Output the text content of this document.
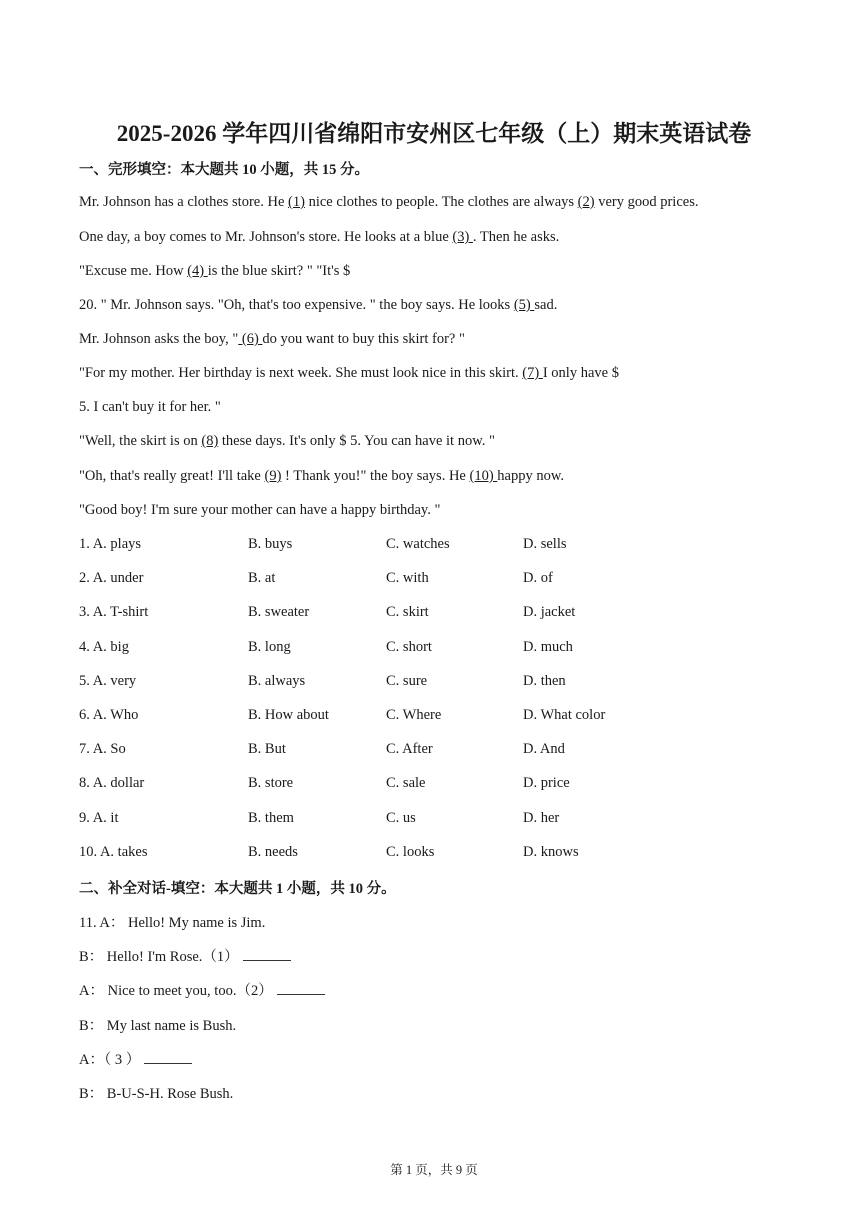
2025-2026 学年四川省绵阳市安州区七年级（上）期末英语试卷
一、完形填空：本大题共 10 小题，共 15 分。
Mr. Johnson has a clothes store. He (1) nice clothes to people. The clothes are always (2) very good prices.
One day, a boy comes to Mr. Johnson's store. He looks at a blue (3) . Then he asks.
"Excuse me. How (4) is the blue skirt? " "It's $
20. " Mr. Johnson says. "Oh, that's too expensive. " the boy says. He looks (5) sad.
Mr. Johnson asks the boy, " (6) do you want to buy this skirt for? "
"For my mother. Her birthday is next week. She must look nice in this skirt. (7) I only have $
5. I can't buy it for her. "
"Well, the skirt is on (8) these days. It's only $ 5. You can have it now. "
"Oh, that's really great! I'll take (9) ! Thank you!" the boy says. He (10) happy now.
"Good boy! I'm sure your mother can have a happy birthday. "
1. A. plays	B. buys	C. watches	D. sells
2. A. under	B. at	C. with	D. of
3. A. T-shirt	B. sweater	C. skirt	D. jacket
4. A. big	B. long	C. short	D. much
5. A. very	B. always	C. sure	D. then
6. A. Who	B. How about	C. Where	D. What color
7. A. So	B. But	C. After	D. And
8. A. dollar	B. store	C. sale	D. price
9. A. it	B. them	C. us	D. her
10. A. takes	B. needs	C. looks	D. knows
二、补全对话-填空：本大题共 1 小题，共 10 分。
11. A： Hello! My name is Jim.
B： Hello! I'm Rose.（1）
A： Nice to meet you, too.（2）
B： My last name is Bush.
A：（ 3 ）
B： B-U-S-H. Rose Bush.
第 1 页，共 9 页
